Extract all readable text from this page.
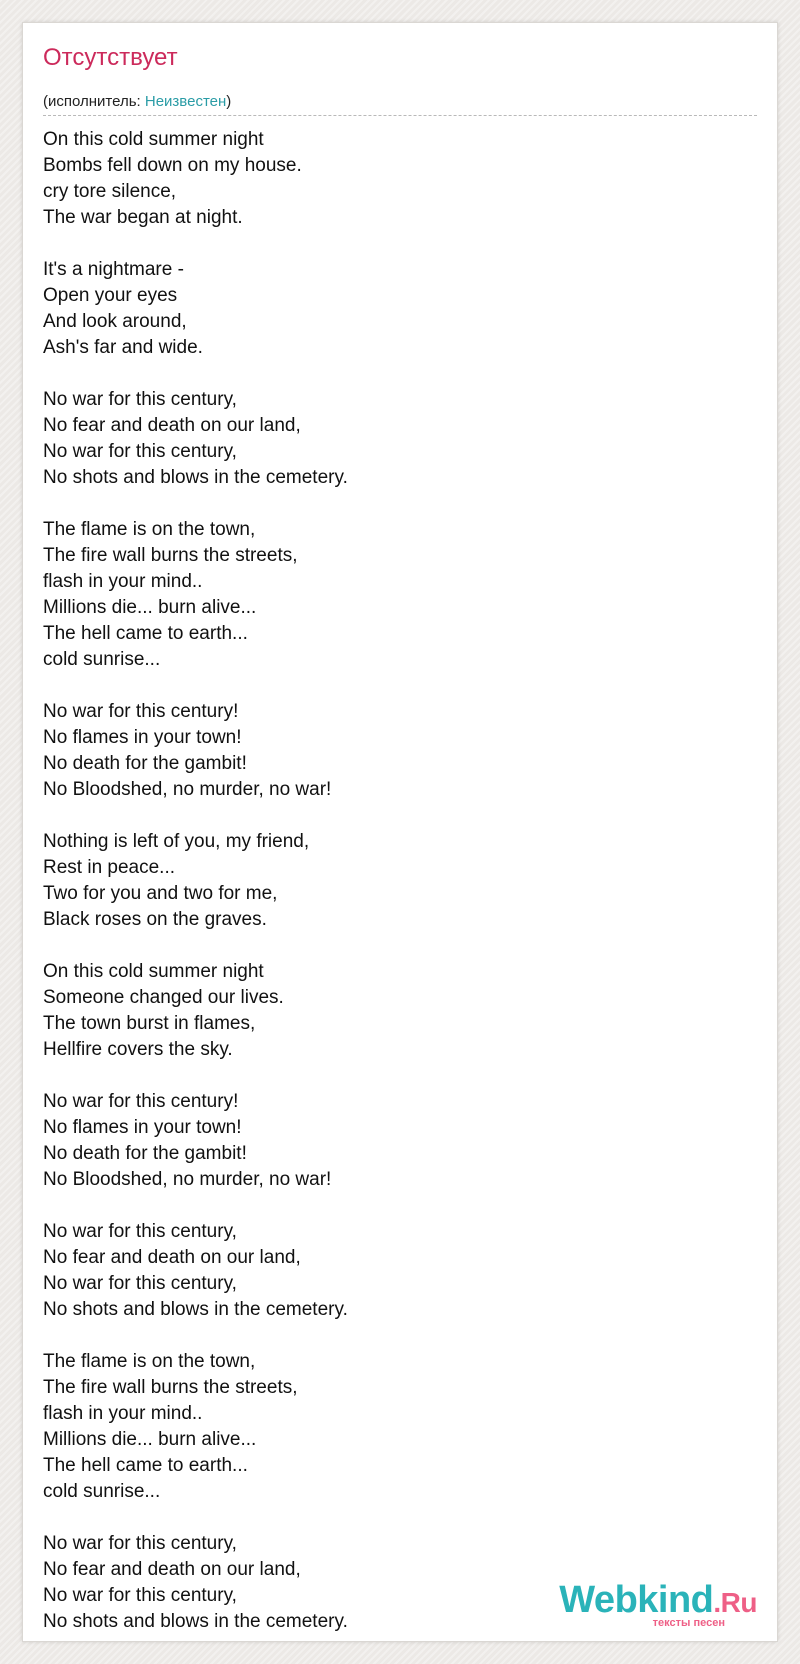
Отсутствует
(исполнитель: Неизвестен)
On this cold summer night
Bombs fell down on my house.
cry tore silence,
The war began at night.
It's a nightmare -
Open your eyes
And look around,
Ash's far and wide.
No war for this century,
No fear and death on our land,
No war for this century,
No shots and blows in the cemetery.
The flame is on the town,
The fire wall burns the streets,
flash in your mind..
Millions die... burn alive...
The hell came to earth...
cold sunrise...
No war for this century!
No flames in your town!
No death for the gambit!
No Bloodshed, no murder, no war!
Nothing is left of you, my friend,
Rest in peace...
Two for you and two for me,
Black roses on the graves.
On this cold summer night
Someone changed our lives.
The town burst in flames,
Hellfire covers the sky.
No war for this century!
No flames in your town!
No death for the gambit!
No Bloodshed, no murder, no war!
No war for this century,
No fear and death on our land,
No war for this century,
No shots and blows in the cemetery.
The flame is on the town,
The fire wall burns the streets,
flash in your mind..
Millions die... burn alive...
The hell came to earth...
cold sunrise...
No war for this century,
No fear and death on our land,
No war for this century,
No shots and blows in the cemetery.
Webkind.Ru
тексты песен
